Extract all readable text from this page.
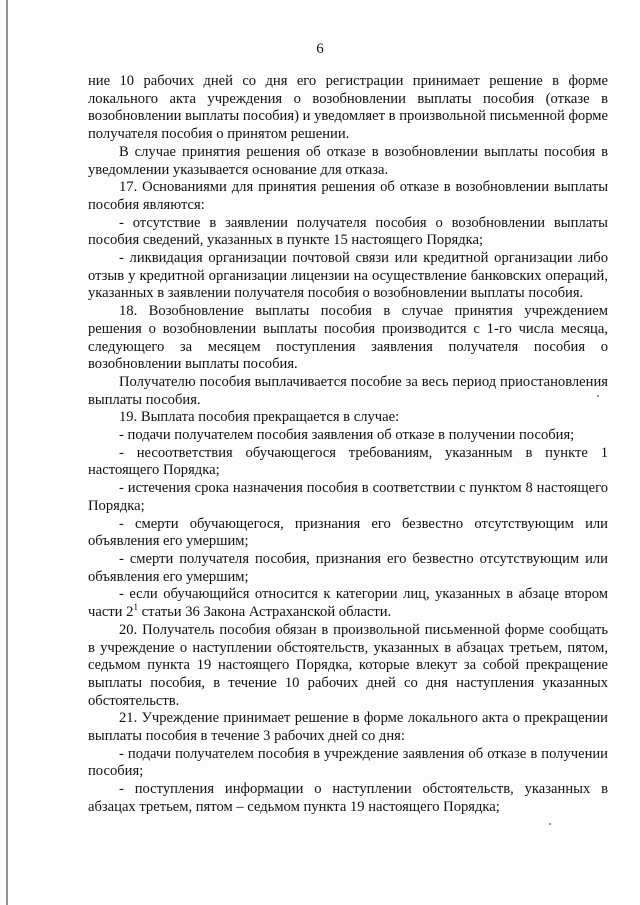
6

ние 10 рабочих дней со дня его регистрации принимает решение в форме локального акта учреждения о возобновлении выплаты пособия (отказе в возобновлении выплаты пособия) и уведомляет в произвольной письменной форме получателя пособия о принятом решении.

В случае принятия решения об отказе в возобновлении выплаты пособия в уведомлении указывается основание для отказа.

17. Основаниями для принятия решения об отказе в возобновлении выплаты пособия являются:

- отсутствие в заявлении получателя пособия о возобновлении выплаты пособия сведений, указанных в пункте 15 настоящего Порядка;

- ликвидация организации почтовой связи или кредитной организации либо отзыв у кредитной организации лицензии на осуществление банковских операций, указанных в заявлении получателя пособия о возобновлении выплаты пособия.

18. Возобновление выплаты пособия в случае принятия учреждением решения о возобновлении выплаты пособия производится с 1-го числа месяца, следующего за месяцем поступления заявления получателя пособия о возобновлении выплаты пособия.

Получателю пособия выплачивается пособие за весь период приостановления выплаты пособия.

19. Выплата пособия прекращается в случае:

- подачи получателем пособия заявления об отказе в получении пособия;

- несоответствия обучающегося требованиям, указанным в пункте 1 настоящего Порядка;

- истечения срока назначения пособия в соответствии с пунктом 8 настоящего Порядка;

- смерти обучающегося, признания его безвестно отсутствующим или объявления его умершим;

- смерти получателя пособия, признания его безвестно отсутствующим или объявления его умершим;

- если обучающийся относится к категории лиц, указанных в абзаце втором части $2^1$ статьи 36 Закона Астраханской области.

20. Получатель пособия обязан в произвольной письменной форме сообщать в учреждение о наступлении обстоятельств, указанных в абзацах третьем, пятом, седьмом пункта 19 настоящего Порядка, которые влекут за собой прекращение выплаты пособия, в течение 10 рабочих дней со дня наступления указанных обстоятельств.

21. Учреждение принимает решение в форме локального акта о прекращении выплаты пособия в течение 3 рабочих дней со дня:

- подачи получателем пособия в учреждение заявления об отказе в получении пособия;

- поступления информации о наступлении обстоятельств, указанных в абзацах третьем, пятом – седьмом пункта 19 настоящего Порядка;
